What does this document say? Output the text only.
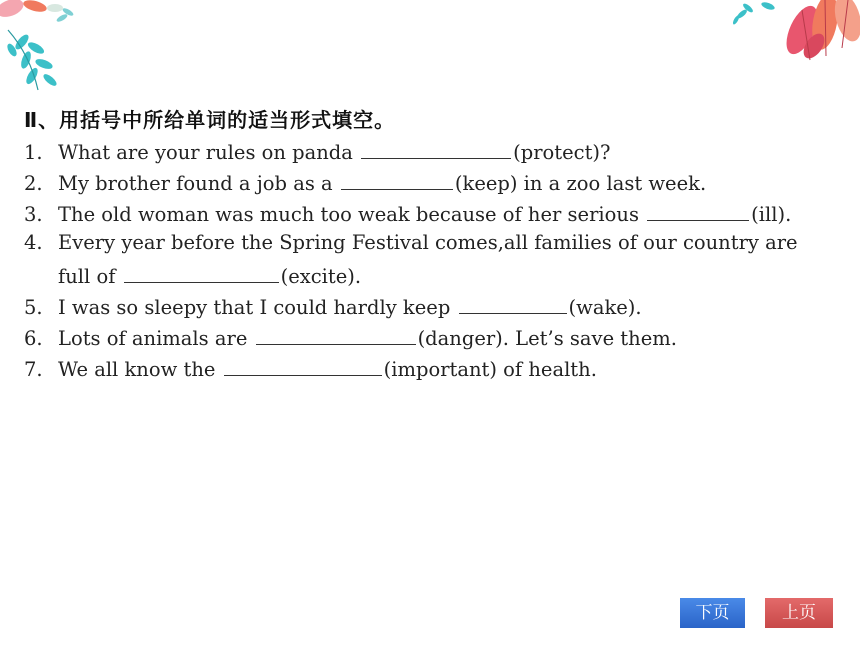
Ⅱ、用括号中所给单词的适当形式填空。
1. What are your rules on panda	(protect)?
2. My brother found a job as a	(keep) in a zoo last week.
3. The old woman was much too weak because of her serious	(ill).
4. Every year before the Spring Festival comes,all families of our country are
full of	(excite).
5. I was so sleepy that I could hardly keep	(wake).
6. Lots of animals are	(danger). Let’s save them.
7. We all know the	(important) of health.
下页	上页
